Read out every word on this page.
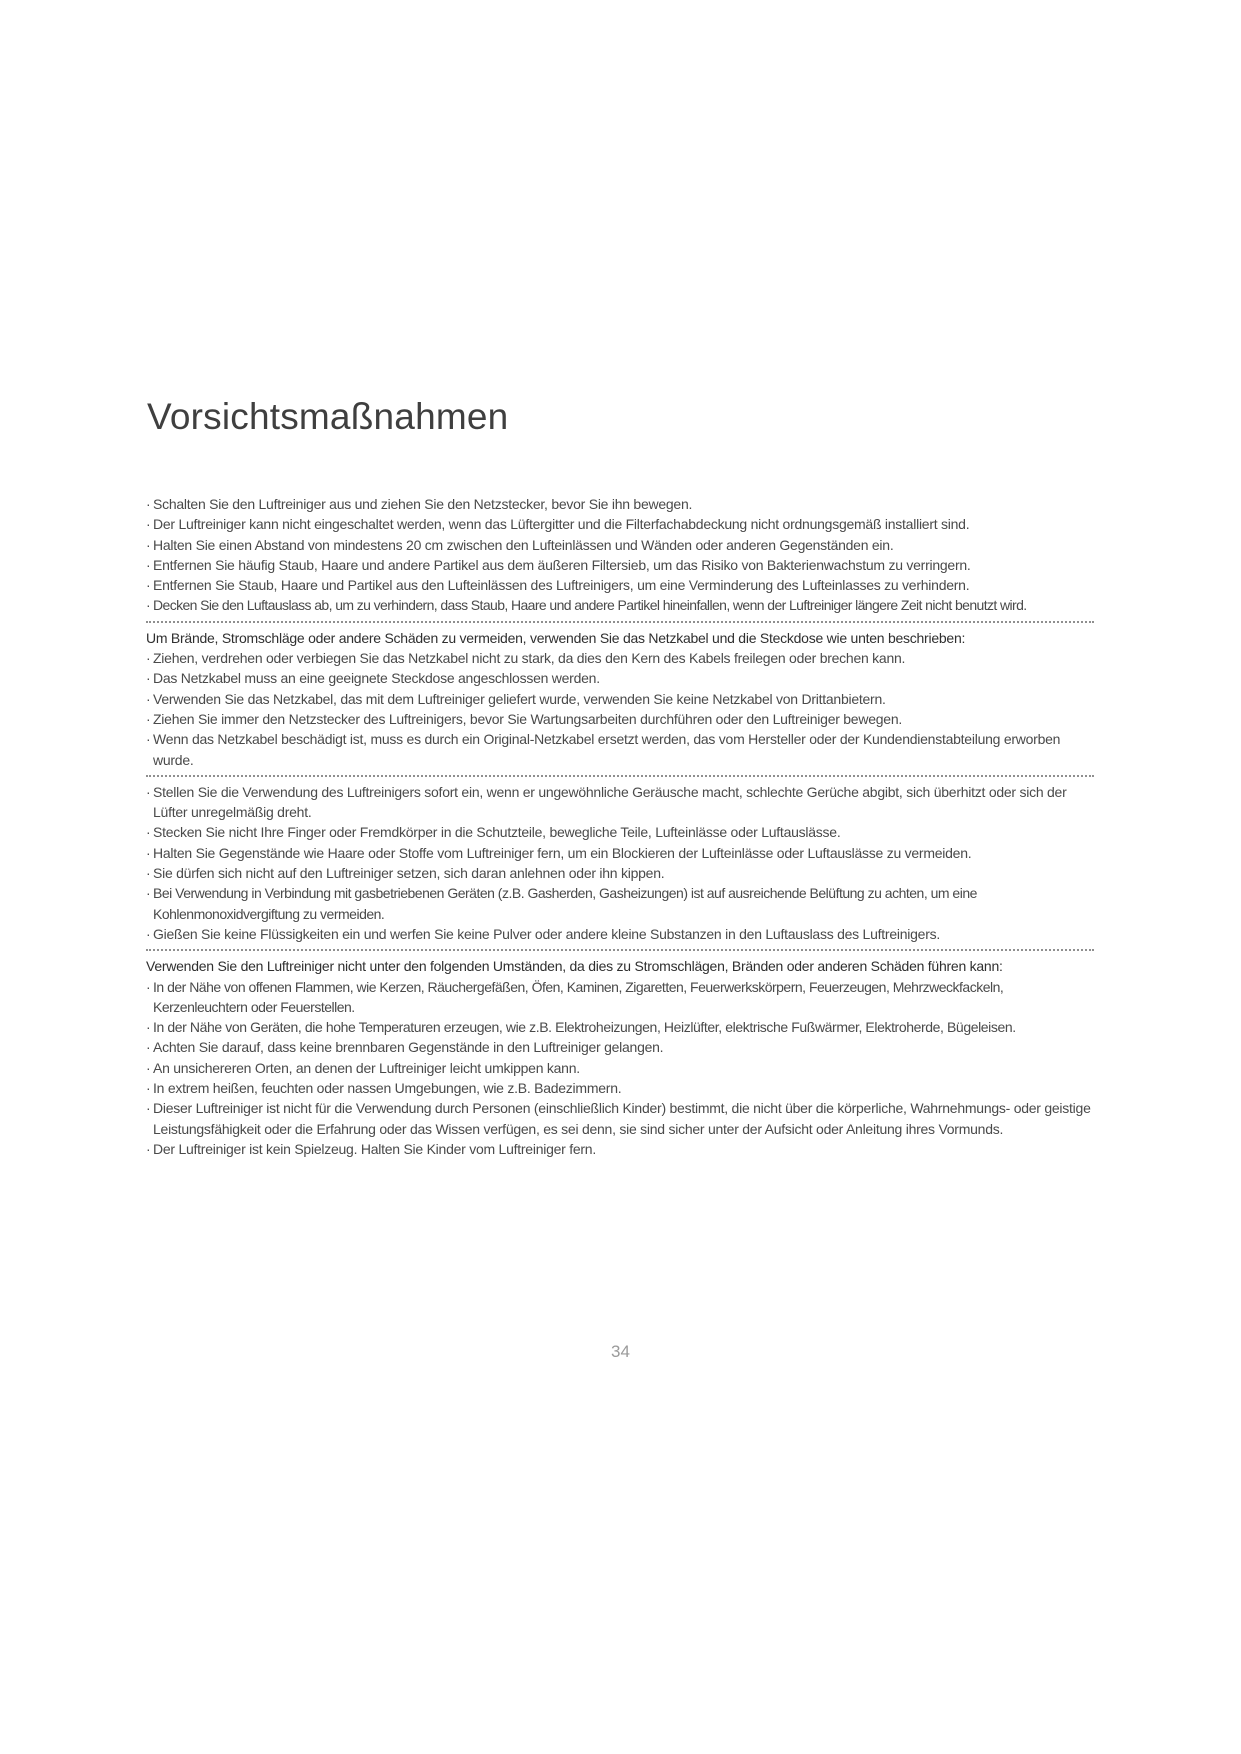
Vorsichtsmaßnahmen
· Schalten Sie den Luftreiniger aus und ziehen Sie den Netzstecker, bevor Sie ihn bewegen.
· Der Luftreiniger kann nicht eingeschaltet werden, wenn das Lüftergitter und die Filterfachabdeckung nicht ordnungsgemäß installiert sind.
· Halten Sie einen Abstand von mindestens 20 cm zwischen den Lufteinlässen und Wänden oder anderen Gegenständen ein.
· Entfernen Sie häufig Staub, Haare und andere Partikel aus dem äußeren Filtersieb, um das Risiko von Bakterienwachstum zu verringern.
· Entfernen Sie Staub, Haare und Partikel aus den Lufteinlässen des Luftreinigers, um eine Verminderung des Lufteinlasses zu verhindern.
· Decken Sie den Luftauslass ab, um zu verhindern, dass Staub, Haare und andere Partikel hineinfallen, wenn der Luftreiniger längere Zeit nicht benutzt wird.
Um Brände, Stromschläge oder andere Schäden zu vermeiden, verwenden Sie das Netzkabel und die Steckdose wie unten beschrieben:
· Ziehen, verdrehen oder verbiegen Sie das Netzkabel nicht zu stark, da dies den Kern des Kabels freilegen oder brechen kann.
· Das Netzkabel muss an eine geeignete Steckdose angeschlossen werden.
· Verwenden Sie das Netzkabel, das mit dem Luftreiniger geliefert wurde, verwenden Sie keine Netzkabel von Drittanbietern.
· Ziehen Sie immer den Netzstecker des Luftreinigers, bevor Sie Wartungsarbeiten durchführen oder den Luftreiniger bewegen.
· Wenn das Netzkabel beschädigt ist, muss es durch ein Original-Netzkabel ersetzt werden, das vom Hersteller oder der Kundendienstabteilung erworben wurde.
· Stellen Sie die Verwendung des Luftreinigers sofort ein, wenn er ungewöhnliche Geräusche macht, schlechte Gerüche abgibt, sich überhitzt oder sich der Lüfter unregelmäßig dreht.
· Stecken Sie nicht Ihre Finger oder Fremdkörper in die Schutzteile, bewegliche Teile, Lufteinlässe oder Luftauslässe.
· Halten Sie Gegenstände wie Haare oder Stoffe vom Luftreiniger fern, um ein Blockieren der Lufteinlässe oder Luftauslässe zu vermeiden.
· Sie dürfen sich nicht auf den Luftreiniger setzen, sich daran anlehnen oder ihn kippen.
· Bei Verwendung in Verbindung mit gasbetriebenen Geräten (z.B. Gasherden, Gasheizungen) ist auf ausreichende Belüftung zu achten, um eine Kohlenmonoxidvergiftung zu vermeiden.
· Gießen Sie keine Flüssigkeiten ein und werfen Sie keine Pulver oder andere kleine Substanzen in den Luftauslass des Luftreinigers.
Verwenden Sie den Luftreiniger nicht unter den folgenden Umständen, da dies zu Stromschlägen, Bränden oder anderen Schäden führen kann:
· In der Nähe von offenen Flammen, wie Kerzen, Räuchergefäßen, Öfen, Kaminen, Zigaretten, Feuerwerkskörpern, Feuerzeugen, Mehrzweckfackeln, Kerzenleuchtern oder Feuerstellen.
· In der Nähe von Geräten, die hohe Temperaturen erzeugen, wie z.B. Elektroheizungen, Heizlüfter, elektrische Fußwärmer, Elektroherde, Bügeleisen.
· Achten Sie darauf, dass keine brennbaren Gegenstände in den Luftreiniger gelangen.
· An unsichereren Orten, an denen der Luftreiniger leicht umkippen kann.
· In extrem heißen, feuchten oder nassen Umgebungen, wie z.B. Badezimmern.
· Dieser Luftreiniger ist nicht für die Verwendung durch Personen (einschließlich Kinder) bestimmt, die nicht über die körperliche, Wahrnehmungs- oder geistige Leistungsfähigkeit oder die Erfahrung oder das Wissen verfügen, es sei denn, sie sind sicher unter der Aufsicht oder Anleitung ihres Vormunds.
· Der Luftreiniger ist kein Spielzeug. Halten Sie Kinder vom Luftreiniger fern.
34
